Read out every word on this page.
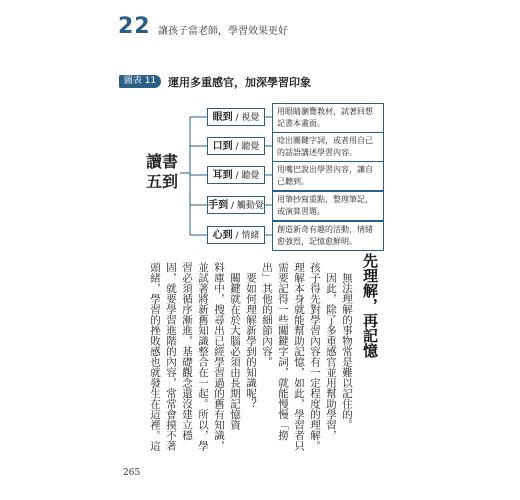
22 讓孩子當老師，學習效果更好
圖表 11	運用多重感官，加深學習印象
讀書
五到
眼到 / 視覺
口到 / 聽覺
耳到 / 聽覺
手到 / 觸動覺
心到 / 情緒
用眼睛瀏覽教材，試著回想記書本畫面。
唸出關鍵字詞，或者用自己的話語講述學習內容。
用嘴巴說出學習內容，讓自己聽到。
用筆抄寫重點，整理筆記，或演算習題。
創造新奇有趣的活動，情緒愈強烈，記憶愈鮮明。
先理解，再記憶
　無法理解的事物常是難以記住的。
　因此，除了多重感官並用幫助學習，
孩子得先對學習內容有一定程度的理解。
理解本身就能幫助記憶，如此，學習者只
需要記得一些關鍵字詞，就能慢慢「撈
出」其他的細節內容。
　要如何理解新學到的知識呢？
　關鍵就在於大腦必須由長期記憶資
料庫中，搜尋出已經學習過的舊有知識，
並試著將新舊知識整合在一起。所以，學
習必須循序漸進，基礎觀念還沒建立穩
固，就要學習進階的內容，常常會摸不著
頭緒，學習的挫敗感也就發生在這裡。這
265
